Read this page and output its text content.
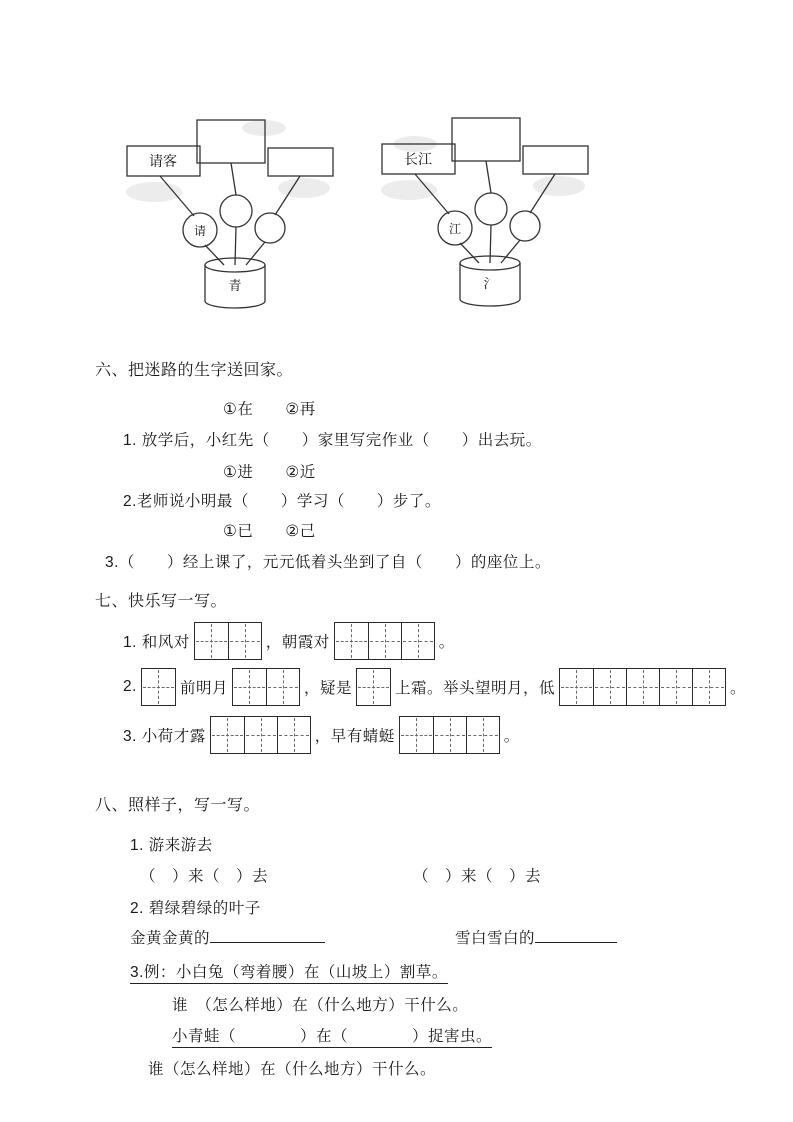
请客
请
青
长江
江
氵
六、把迷路的生字送回家。
①在　　②再
1. 放学后，小红先（　　）家里写完作业（　　）出去玩。
①进　　②近
2.老师说小明最（　　）学习（　　）步了。
①已　　②己
3.（　　）经上课了，元元低着头坐到了自（　　）的座位上。
七、快乐写一写。
1. 和风对	，朝霞对	。
2.	前明月	，疑是	上霜。举头望明月，低	。
3. 小荷才露	，早有蜻蜓	。
八、照样子，写一写。
1. 游来游去
（　）来（　）去	（　）来（　）去
2. 碧绿碧绿的叶子
金黄金黄的	雪白雪白的
3.例：小白兔（弯着腰）在（山坡上）割草。
谁　（怎么样地）在（什么地方）干什么。
小青蛙（　　　　）在（　　　　）捉害虫。
谁（怎么样地）在（什么地方）干什么。
